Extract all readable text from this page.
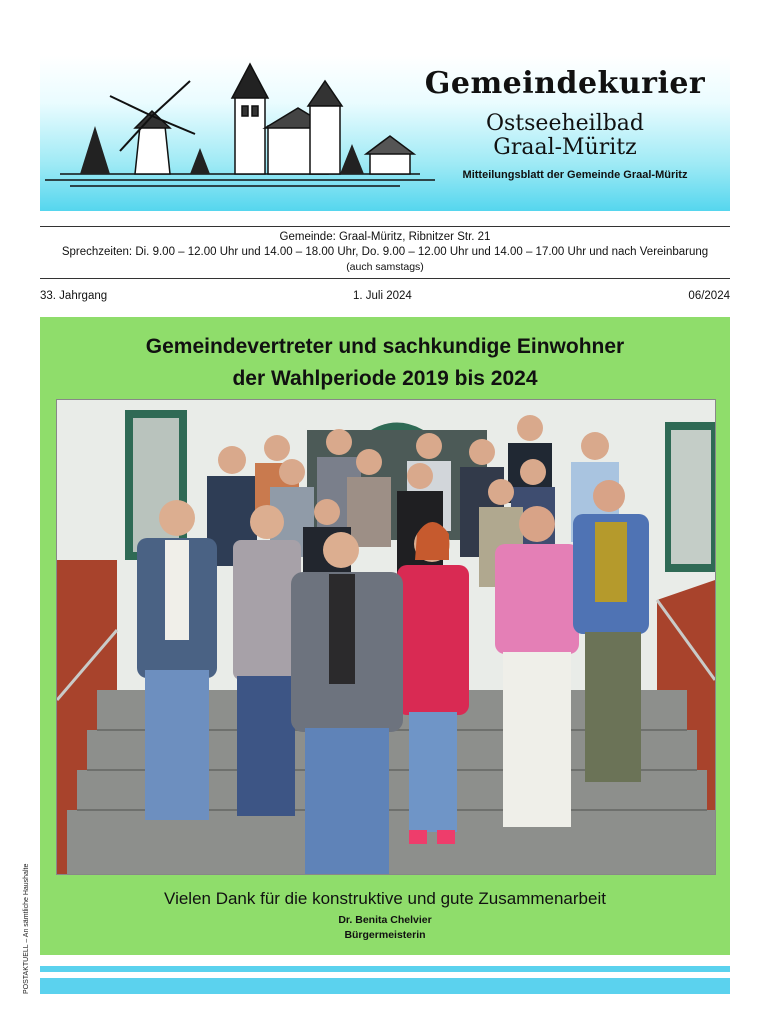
Gemeindekurier
Ostseeheilbad
Graal-Müritz
Mitteilungsblatt der Gemeinde Graal-Müritz
Gemeinde: Graal-Müritz, Ribnitzer Str. 21
Sprechzeiten: Di. 9.00 – 12.00 Uhr und 14.00 – 18.00 Uhr, Do. 9.00 – 12.00 Uhr und 14.00 – 17.00 Uhr und nach Vereinbarung
(auch samstags)
33. Jahrgang	1. Juli 2024	06/2024
Gemeindevertreter und sachkundige Einwohner
der Wahlperiode 2019 bis 2024
Vielen Dank für die konstruktive und gute Zusammenarbeit
Dr. Benita Chelvier
Bürgermeisterin
POSTAKTUELL – An sämtliche Haushalte
